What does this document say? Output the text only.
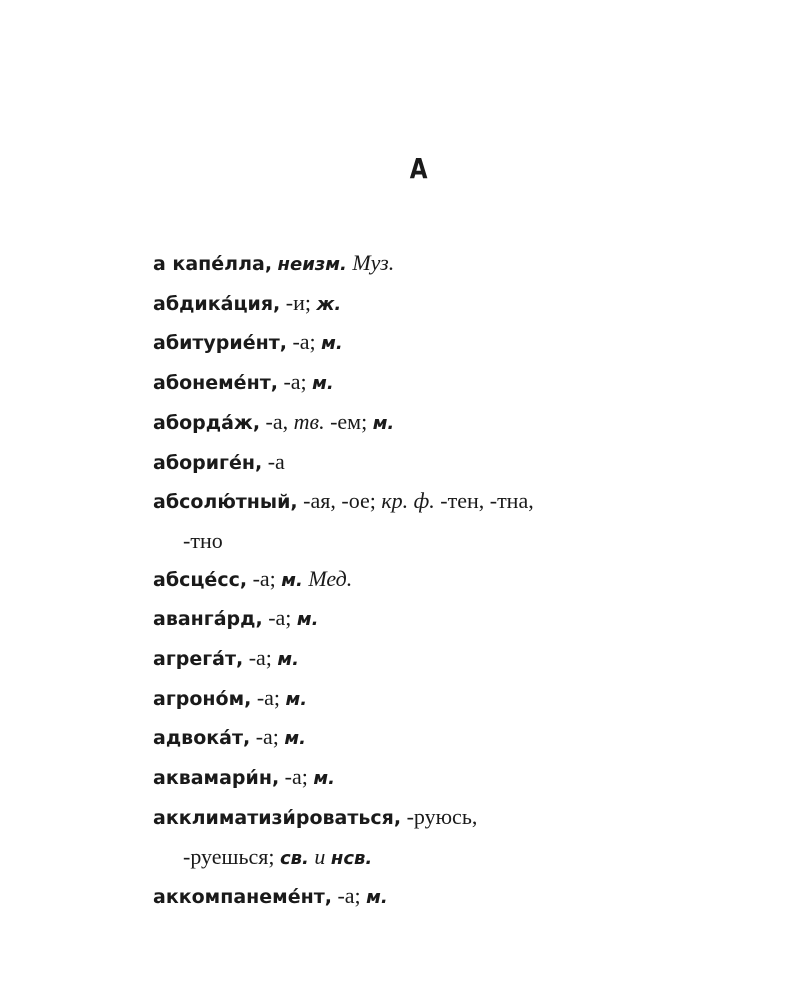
А
а капе́лла, неизм. Муз.
абдика́ция, -и; ж.
абитурие́нт, -а; м.
абонеме́нт, -а; м.
аборда́ж, -а, тв. -ем; м.
абориге́н, -а
абсолю́тный, -ая, -ое; кр. ф. -тен, -тна,
-тно
абсце́сс, -а; м. Мед.
аванга́рд, -а; м.
агрега́т, -а; м.
агроно́м, -а; м.
адвока́т, -а; м.
аквамари́н, -а; м.
акклиматизи́роваться, -руюсь,
-руешься; св. и нсв.
аккомпанеме́нт, -а; м.
